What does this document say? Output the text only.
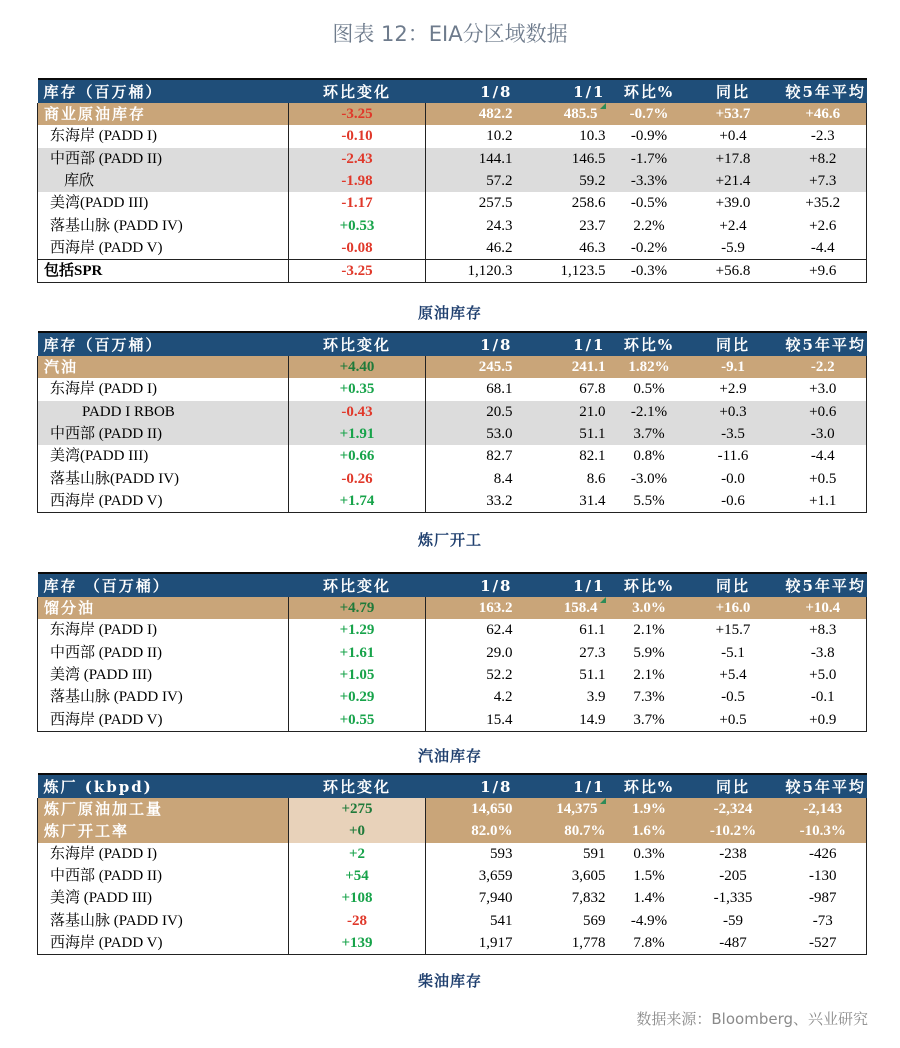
图表 12：EIA分区域数据
库存（百万桶）	环比变化	1/8	1/1	环比%	同比	较5年平均
商业原油库存	-3.25	482.2	485.5	-0.7%	+53.7	+46.6
东海岸 (PADD I)	-0.10	10.2	10.3	-0.9%	+0.4	-2.3
中西部 (PADD II)	-2.43	144.1	146.5	-1.7%	+17.8	+8.2
库欣	-1.98	57.2	59.2	-3.3%	+21.4	+7.3
美湾(PADD III)	-1.17	257.5	258.6	-0.5%	+39.0	+35.2
落基山脉 (PADD IV)	+0.53	24.3	23.7	2.2%	+2.4	+2.6
西海岸 (PADD V)	-0.08	46.2	46.3	-0.2%	-5.9	-4.4
包括SPR	-3.25	1,120.3	1,123.5	-0.3%	+56.8	+9.6
原油库存
库存（百万桶）	环比变化	1/8	1/1	环比%	同比	较5年平均
汽油	+4.40	245.5	241.1	1.82%	-9.1	-2.2
东海岸 (PADD I)	+0.35	68.1	67.8	0.5%	+2.9	+3.0
PADD I RBOB	-0.43	20.5	21.0	-2.1%	+0.3	+0.6
中西部 (PADD II)	+1.91	53.0	51.1	3.7%	-3.5	-3.0
美湾(PADD III)	+0.66	82.7	82.1	0.8%	-11.6	-4.4
落基山脉(PADD IV)	-0.26	8.4	8.6	-3.0%	-0.0	+0.5
西海岸 (PADD V)	+1.74	33.2	31.4	5.5%	-0.6	+1.1
炼厂开工
库存 （百万桶）	环比变化	1/8	1/1	环比%	同比	较5年平均
馏分油	+4.79	163.2	158.4	3.0%	+16.0	+10.4
东海岸 (PADD I)	+1.29	62.4	61.1	2.1%	+15.7	+8.3
中西部 (PADD II)	+1.61	29.0	27.3	5.9%	-5.1	-3.8
美湾 (PADD III)	+1.05	52.2	51.1	2.1%	+5.4	+5.0
落基山脉 (PADD IV)	+0.29	4.2	3.9	7.3%	-0.5	-0.1
西海岸 (PADD V)	+0.55	15.4	14.9	3.7%	+0.5	+0.9
汽油库存
炼厂 (kbpd)	环比变化	1/8	1/1	环比%	同比	较5年平均
炼厂原油加工量	+275	14,650	14,375	1.9%	-2,324	-2,143
炼厂开工率	+0	82.0%	80.7%	1.6%	-10.2%	-10.3%
东海岸 (PADD I)	+2	593	591	0.3%	-238	-426
中西部 (PADD II)	+54	3,659	3,605	1.5%	-205	-130
美湾 (PADD III)	+108	7,940	7,832	1.4%	-1,335	-987
落基山脉 (PADD IV)	-28	541	569	-4.9%	-59	-73
西海岸 (PADD V)	+139	1,917	1,778	7.8%	-487	-527
柴油库存
数据来源：Bloomberg、兴业研究
